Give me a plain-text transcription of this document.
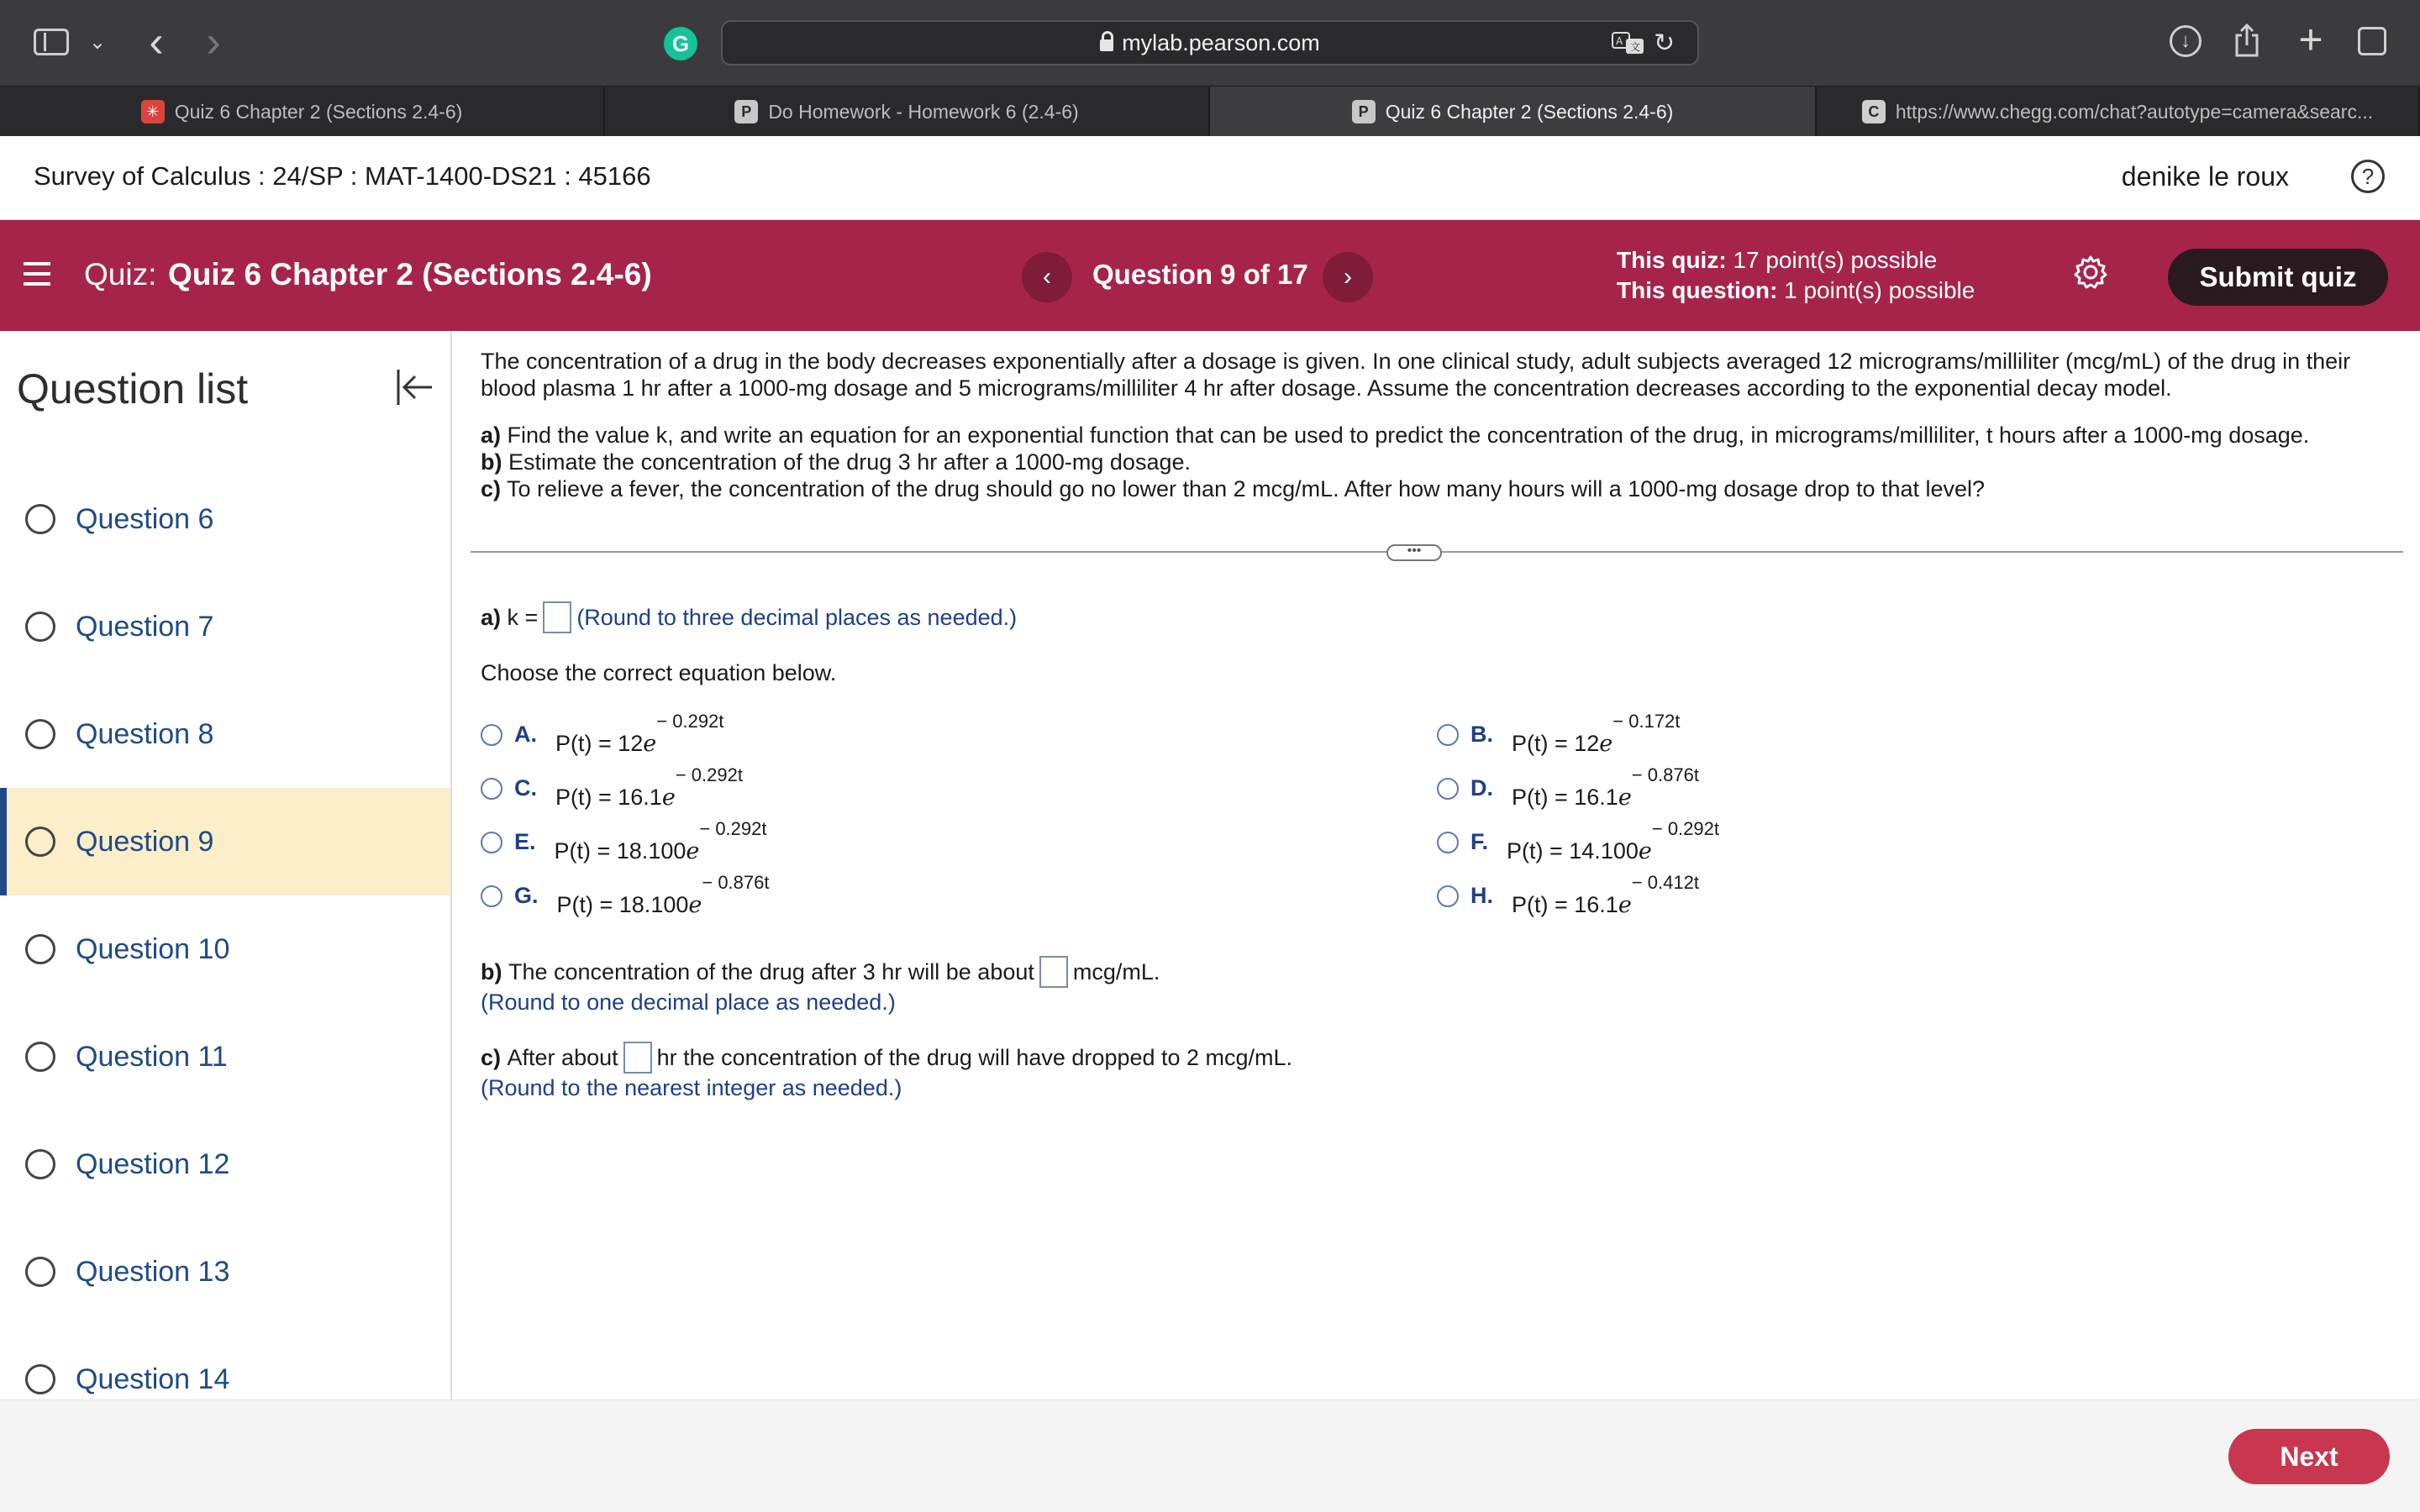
⌄ ‹ ›	G	mylab.pearson.com	A 文 ↻	↓	+
✳ Quiz 6 Chapter 2 (Sections 2.4-6)	P Do Homework - Homework 6 (2.4-6)	P Quiz 6 Chapter 2 (Sections 2.4-6)	C https://www.chegg.com/chat?autotype=camera&searc...
Survey of Calculus : 24/SP : MAT-1400-DS21 : 45166	denike le roux	?
Quiz: Quiz 6 Chapter 2 (Sections 2.4-6)	‹	Question 9 of 17	›
This quiz: 17 point(s) possible
This question: 1 point(s) possible	Submit quiz
Question list
Question 6
Question 7
Question 8
Question 9
Question 10
Question 11
Question 12
Question 13
Question 14
The concentration of a drug in the body decreases exponentially after a dosage is given. In one clinical study, adult subjects averaged 12 micrograms/milliliter (mcg/mL) of the drug in their blood plasma 1 hr after a 1000-mg dosage and 5 micrograms/milliliter 4 hr after dosage. Assume the concentration decreases according to the exponential decay model.
a) Find the value k, and write an equation for an exponential function that can be used to predict the concentration of the drug, in micrograms/milliliter, t hours after a 1000-mg dosage.
b) Estimate the concentration of the drug 3 hr after a 1000-mg dosage.
c) To relieve a fever, the concentration of the drug should go no lower than 2 mcg/mL. After how many hours will a 1000-mg dosage drop to that level?
•••
a)
k = (Round to three decimal places as needed.)
Choose the correct equation below.
A. $P(t) = 12e^{- 0.292t}$
B. $P(t) = 12e^{- 0.172t}$
C. $P(t) = 16.1e^{- 0.292t}$
D. $P(t) = 16.1e^{- 0.876t}$
E. $P(t) = 18.100e^{- 0.292t}$
F. $P(t) = 14.100e^{- 0.292t}$
G. $P(t) = 18.100e^{- 0.876t}$
H. $P(t) = 16.1e^{- 0.412t}$
b)
The concentration of the drug after 3 hr will be about mcg/mL.
(Round to one decimal place as needed.)
c)
After about hr the concentration of the drug will have dropped to 2 mcg/mL.
(Round to the nearest integer as needed.)
Next
